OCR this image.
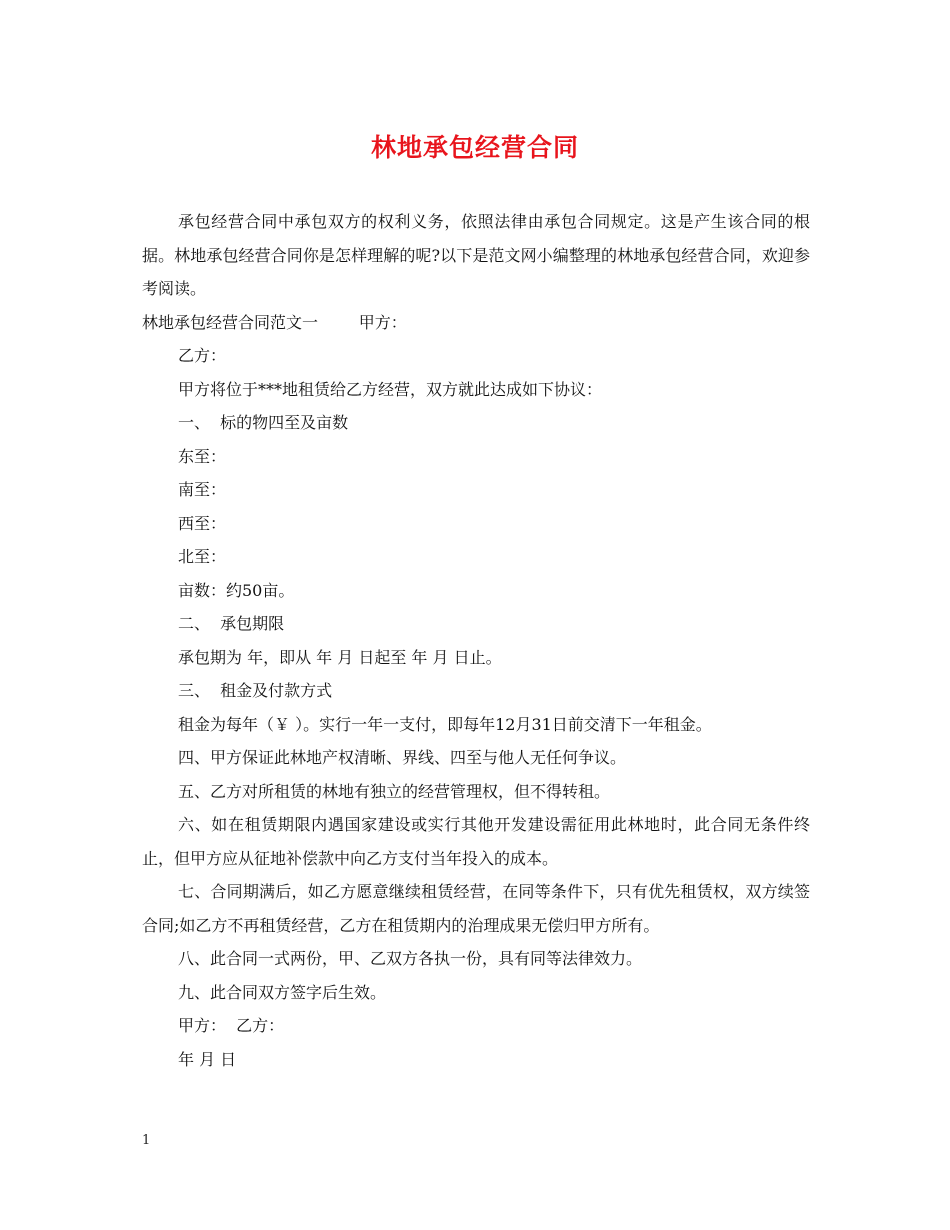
林地承包经营合同

承包经营合同中承包双方的权利义务，依照法律由承包合同规定。这是产生该合同的根据。林地承包经营合同你是怎样理解的呢?以下是范文网小编整理的林地承包经营合同，欢迎参考阅读。

林地承包经营合同范文一        甲方：

乙方：

甲方将位于***地租赁给乙方经营，双方就此达成如下协议：

一、  标的物四至及亩数

东至：

南至：

西至：

北至：

亩数：约50亩。

二、  承包期限

承包期为 年，即从 年 月 日起至 年 月 日止。

三、  租金及付款方式

租金为每年（￥ ）。实行一年一支付，即每年12月31日前交清下一年租金。

四、甲方保证此林地产权清晰、界线、四至与他人无任何争议。

五、乙方对所租赁的林地有独立的经营管理权，但不得转租。

六、如在租赁期限内遇国家建设或实行其他开发建设需征用此林地时，此合同无条件终止，但甲方应从征地补偿款中向乙方支付当年投入的成本。

七、合同期满后，如乙方愿意继续租赁经营，在同等条件下，只有优先租赁权，双方续签合同;如乙方不再租赁经营，乙方在租赁期内的治理成果无偿归甲方所有。

八、此合同一式两份，甲、乙双方各执一份，具有同等法律效力。

九、此合同双方签字后生效。

甲方：  乙方：

年 月 日

1
